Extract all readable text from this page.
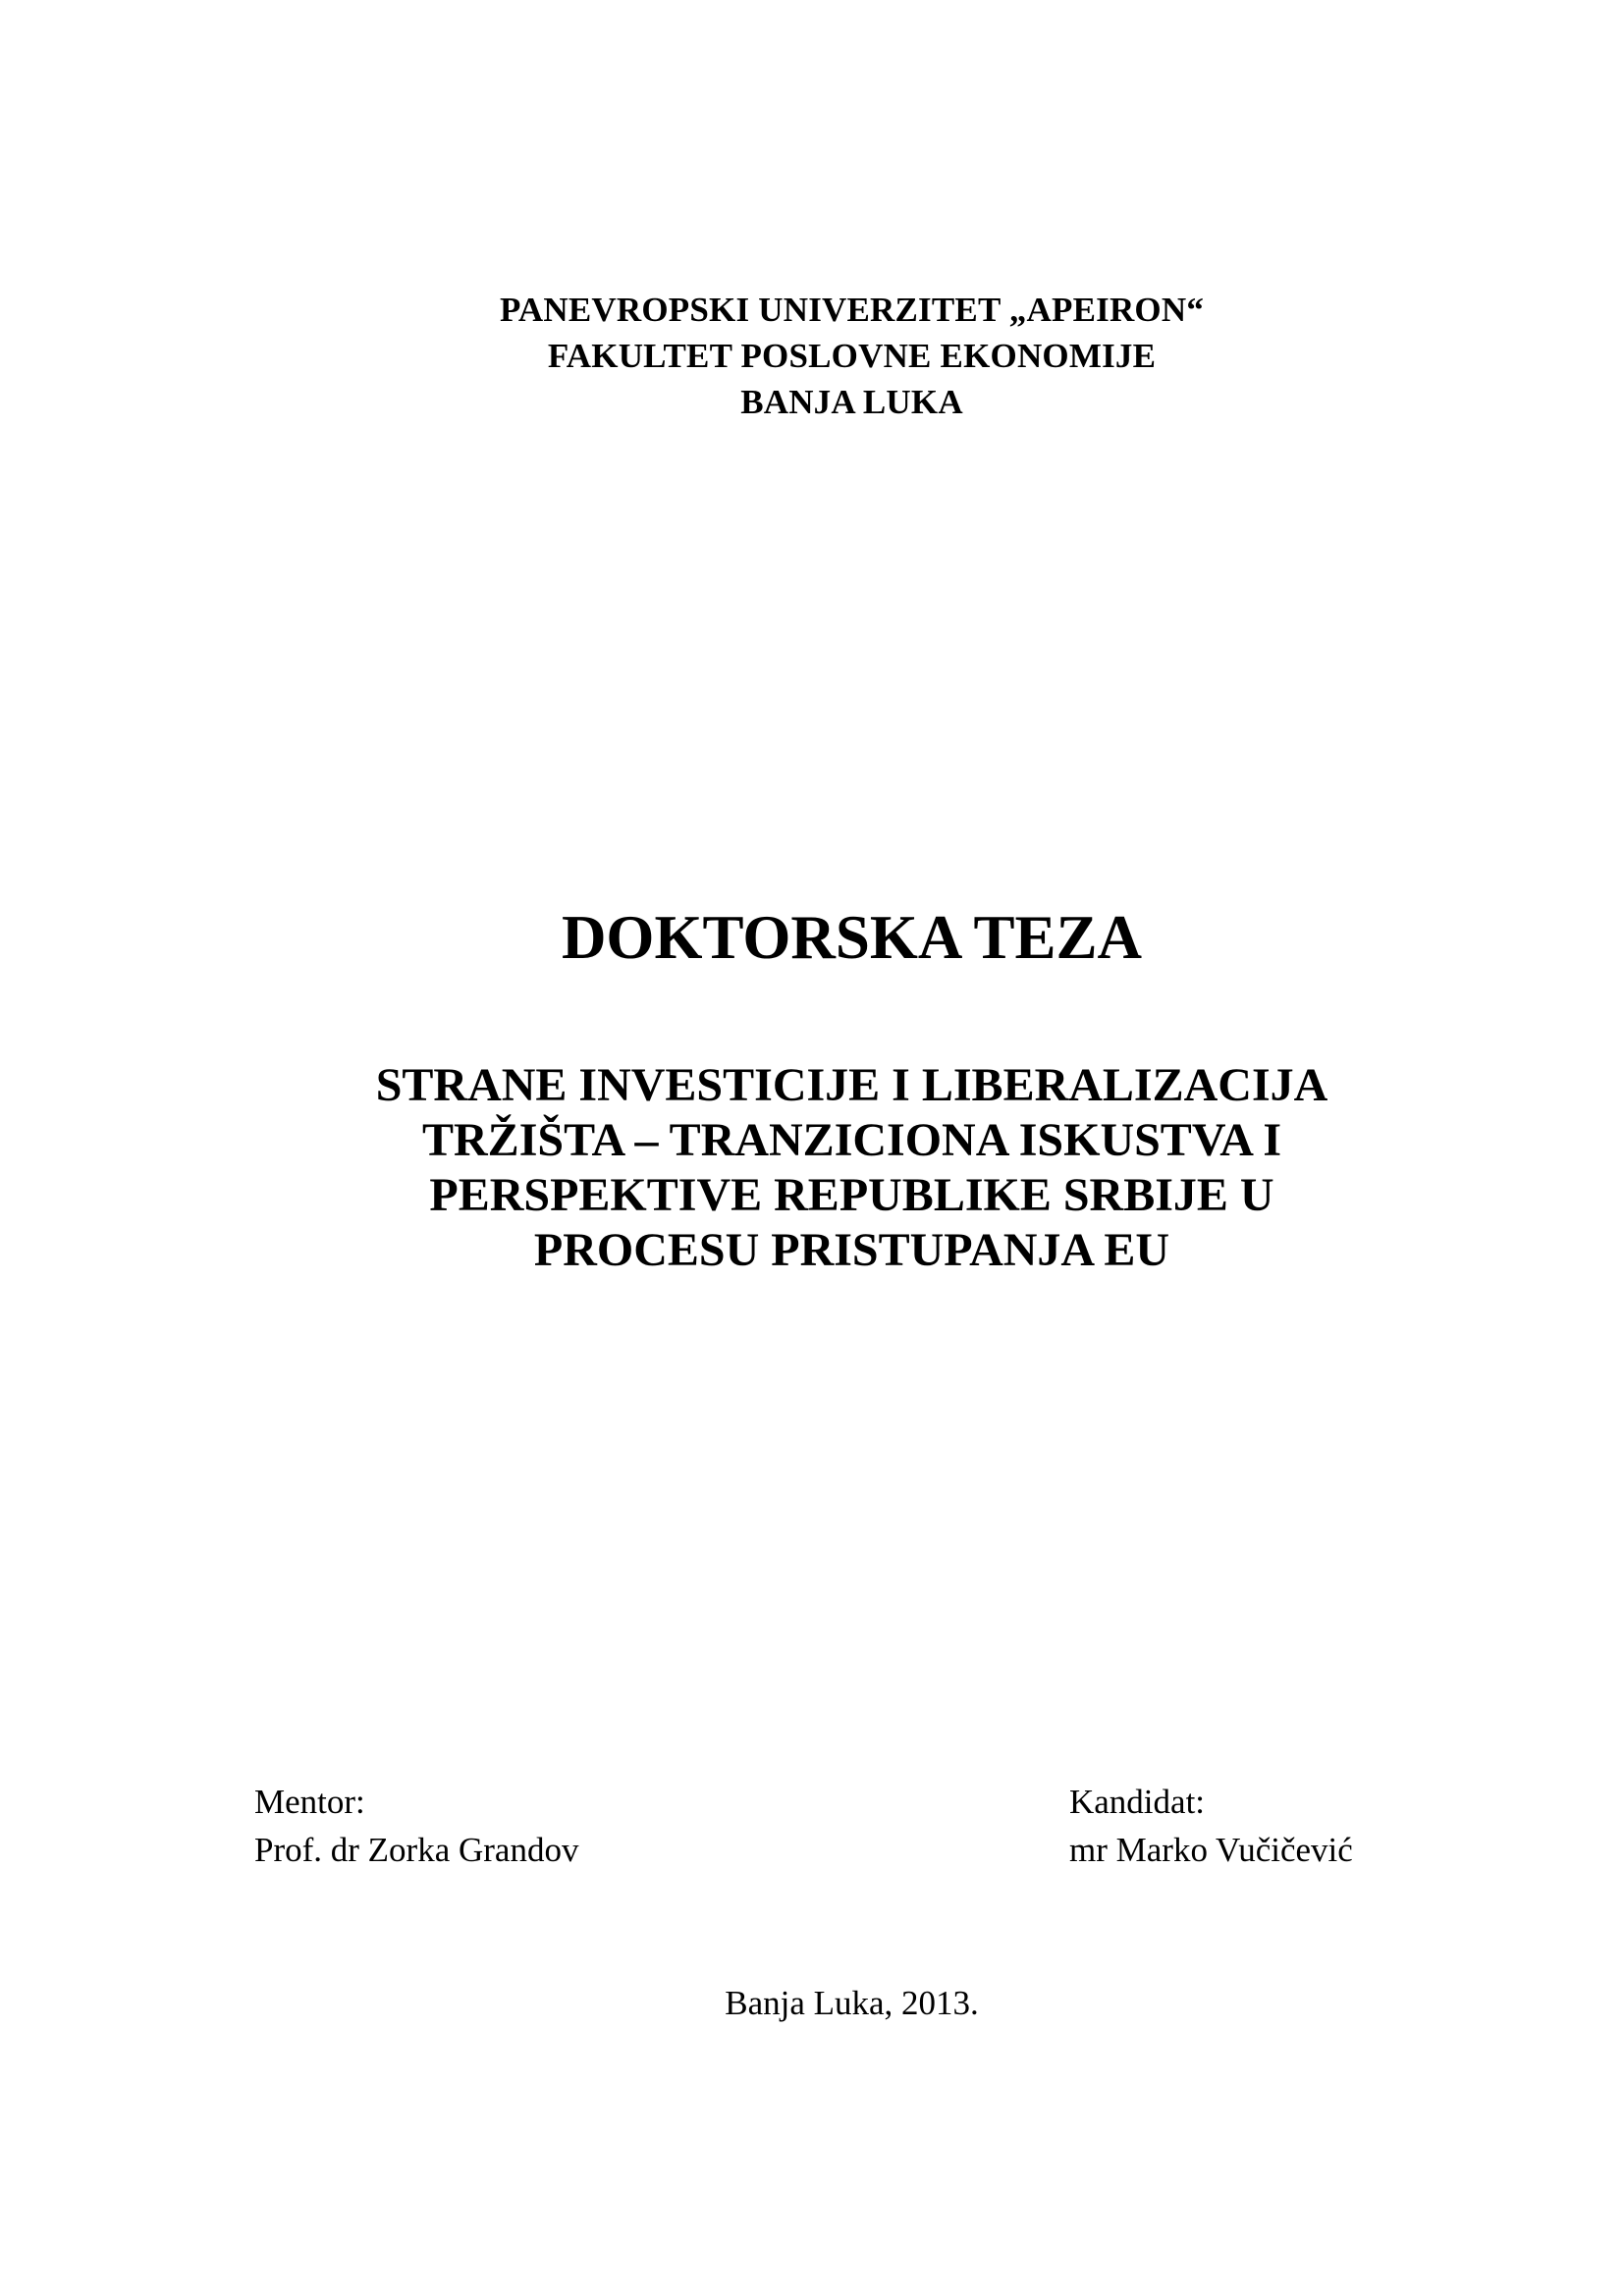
PANEVROPSKI UNIVERZITET „APEIRON“
FAKULTET POSLOVNE EKONOMIJE
BANJA LUKA
DOKTORSKA TEZA
STRANE INVESTICIJE I LIBERALIZACIJA
TRŽIŠTA – TRANZICIONA ISKUSTVA I
PERSPEKTIVE REPUBLIKE SRBIJE U
PROCESU PRISTUPANJA EU
Mentor:
Prof. dr Zorka Grandov
Kandidat:
mr Marko Vučičević
Banja Luka, 2013.
